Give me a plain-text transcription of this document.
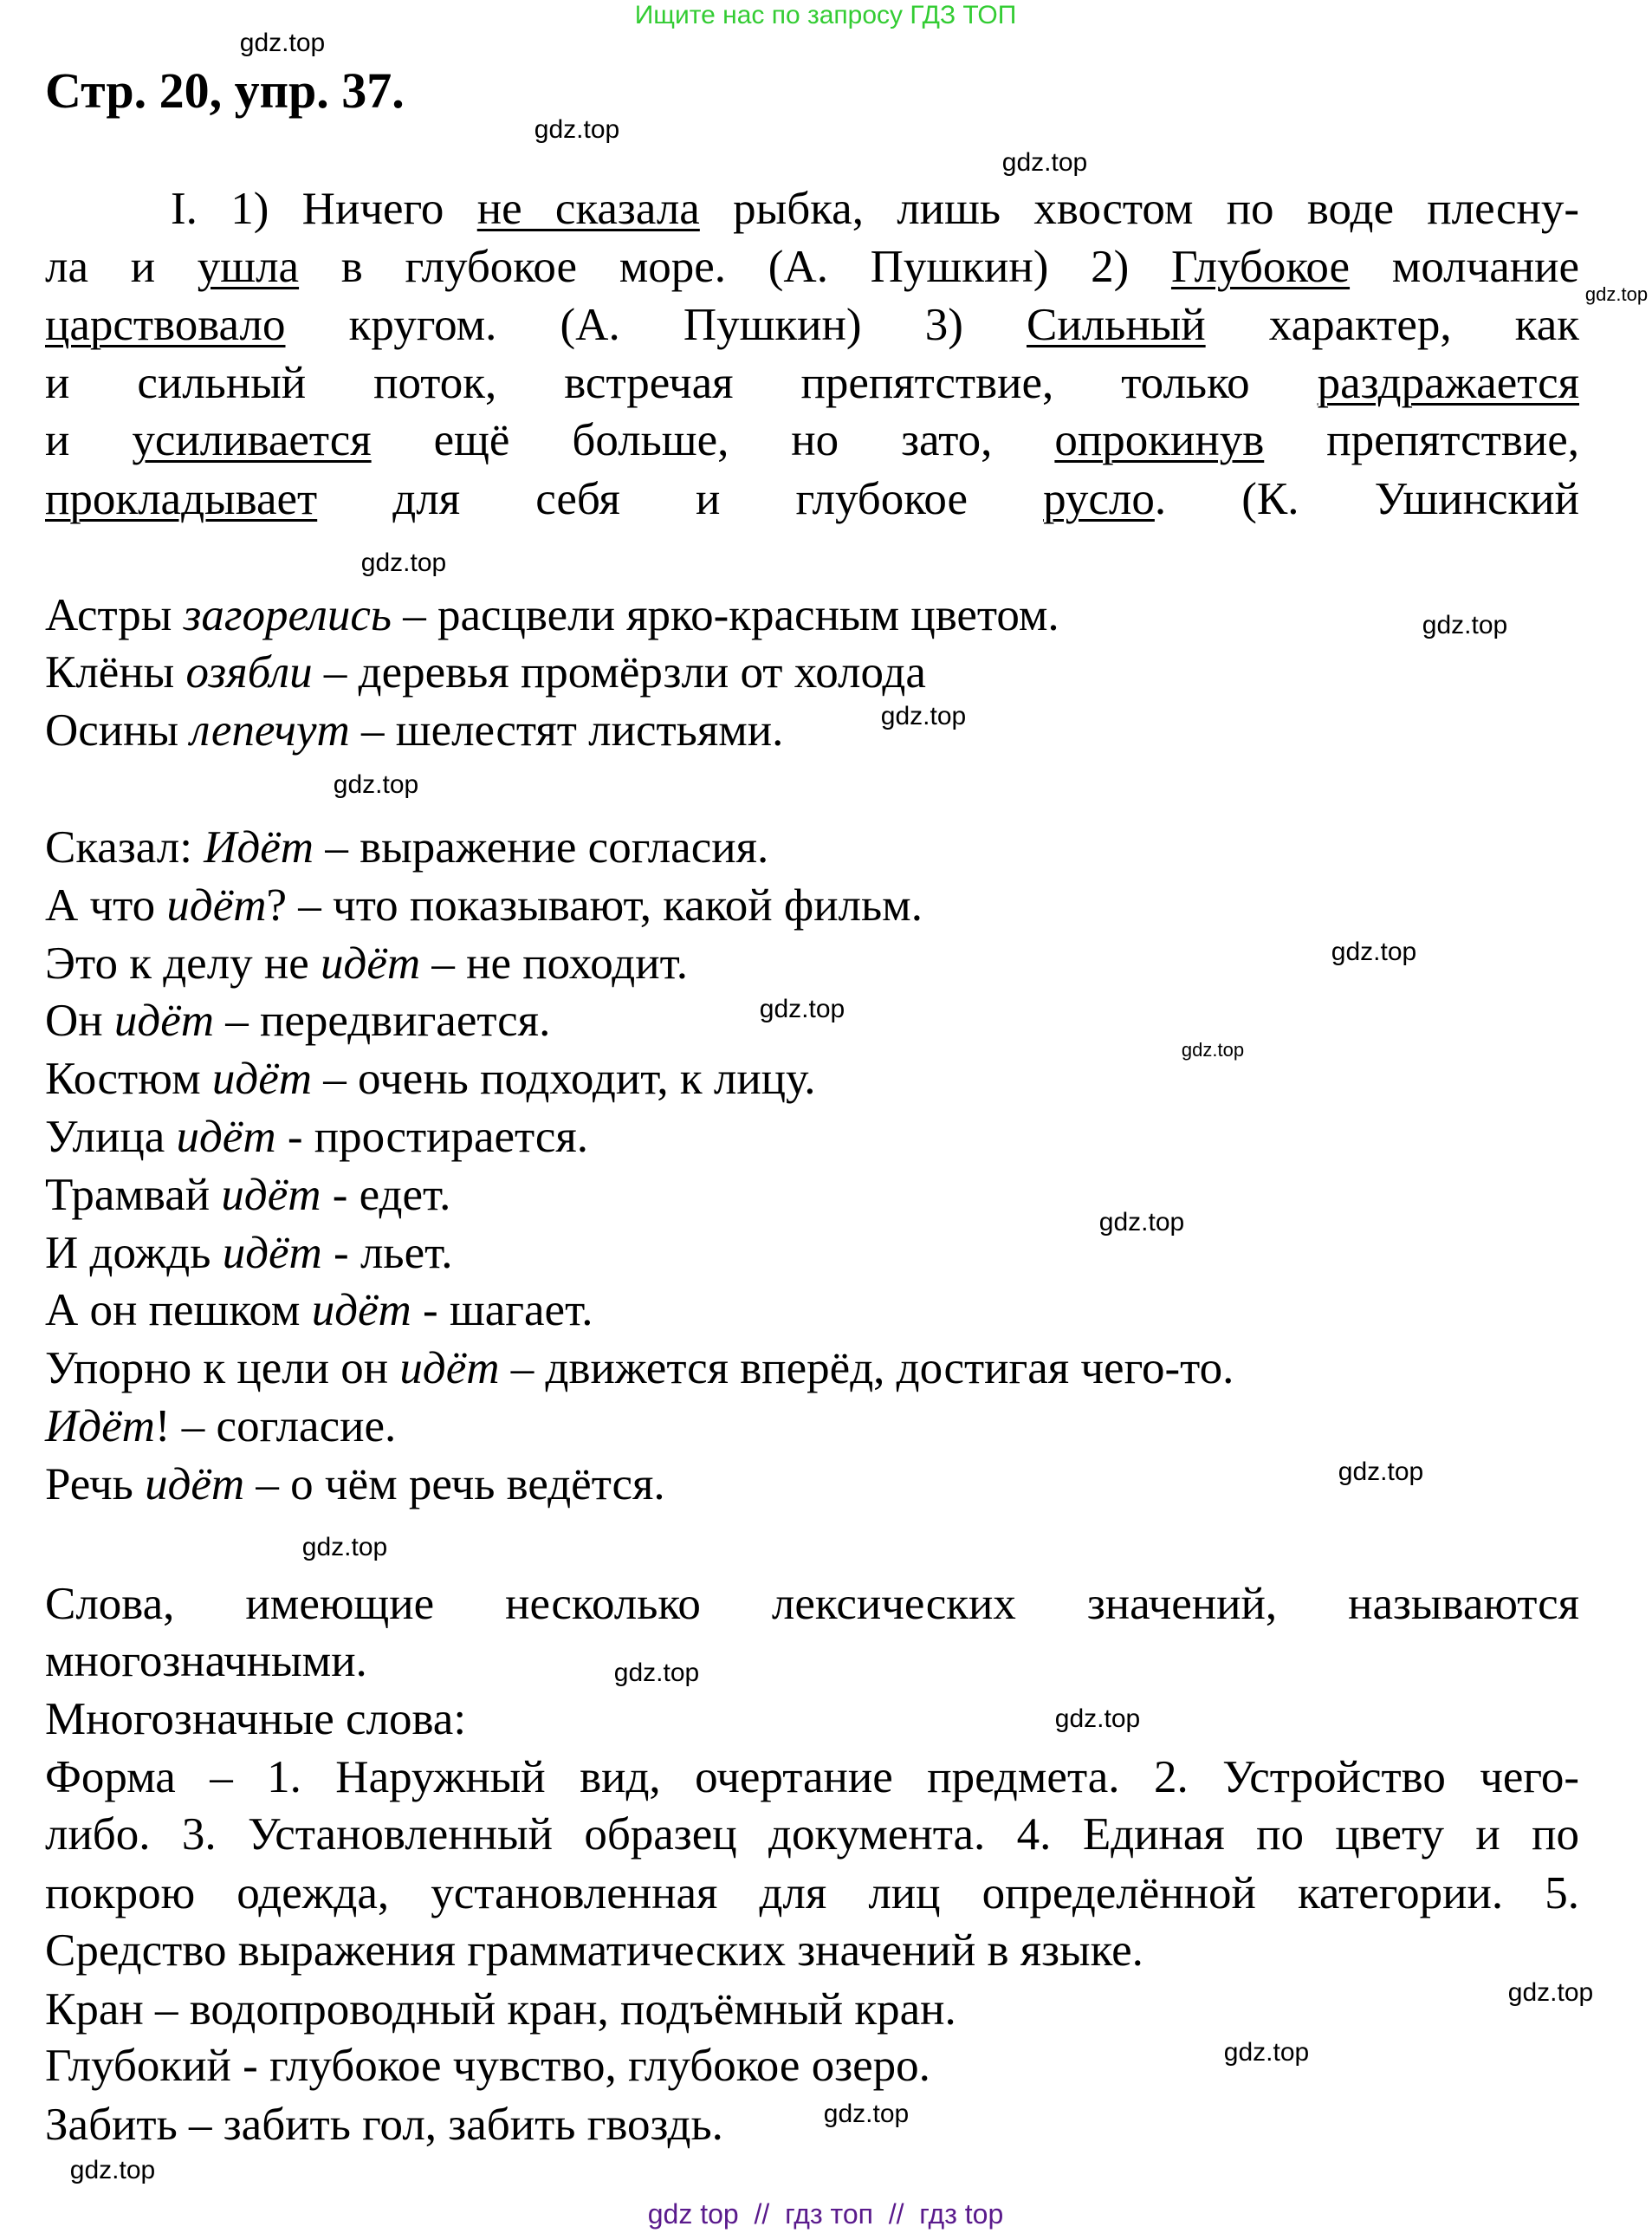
Ищите нас по запросу ГДЗ ТОП
Стр. 20, упр. 37.
I. 1) Ничего не сказала рыбка, лишь хвостом по воде плесну-
ла и ушла в глубокое море. (А. Пушкин) 2) Глубокое молчание
царствовало кругом. (А. Пушкин) 3) Сильный характер, как
и сильный поток, встречая препятствие, только раздражается
и усиливается ещё больше, но зато, опрокинув препятствие,
прокладывает для себя и глубокое русло. (К. Ушинский
Астры загорелись – расцвели ярко-красным цветом.
Клёны озябли – деревья промёрзли от холода
Осины лепечут – шелестят листьями.
Сказал: Идёт – выражение согласия.
А что идёт? – что показывают, какой фильм.
Это к делу не идёт – не походит.
Он идёт – передвигается.
Костюм идёт – очень подходит, к лицу.
Улица идёт - простирается.
Трамвай идёт - едет.
И дождь идёт - льет.
А он пешком идёт - шагает.
Упорно к цели он идёт – движется вперёд, достигая чего-то.
Идёт! – согласие.
Речь идёт – о чём речь ведётся.
Слова, имеющие несколько лексических значений, называются
многозначными.
Многозначные слова:
Форма – 1. Наружный вид, очертание предмета. 2. Устройство чего-
либо. 3. Установленный образец документа. 4. Единая по цвету и по
покрою одежда, установленная для лиц определённой категории. 5.
Средство выражения грамматических значений в языке.
Кран – водопроводный кран, подъёмный кран.
Глубокий - глубокое чувство, глубокое озеро.
Забить – забить гол, забить гвоздь.
gdz.top
gdz.top
gdz.top
gdz.top
gdz.top
gdz.top
gdz.top
gdz.top
gdz.top
gdz.top
gdz.top
gdz.top
gdz.top
gdz.top
gdz.top
gdz.top
gdz.top
gdz.top
gdz.top
gdz.top
gdz top  //  гдз топ  //  гдз top
